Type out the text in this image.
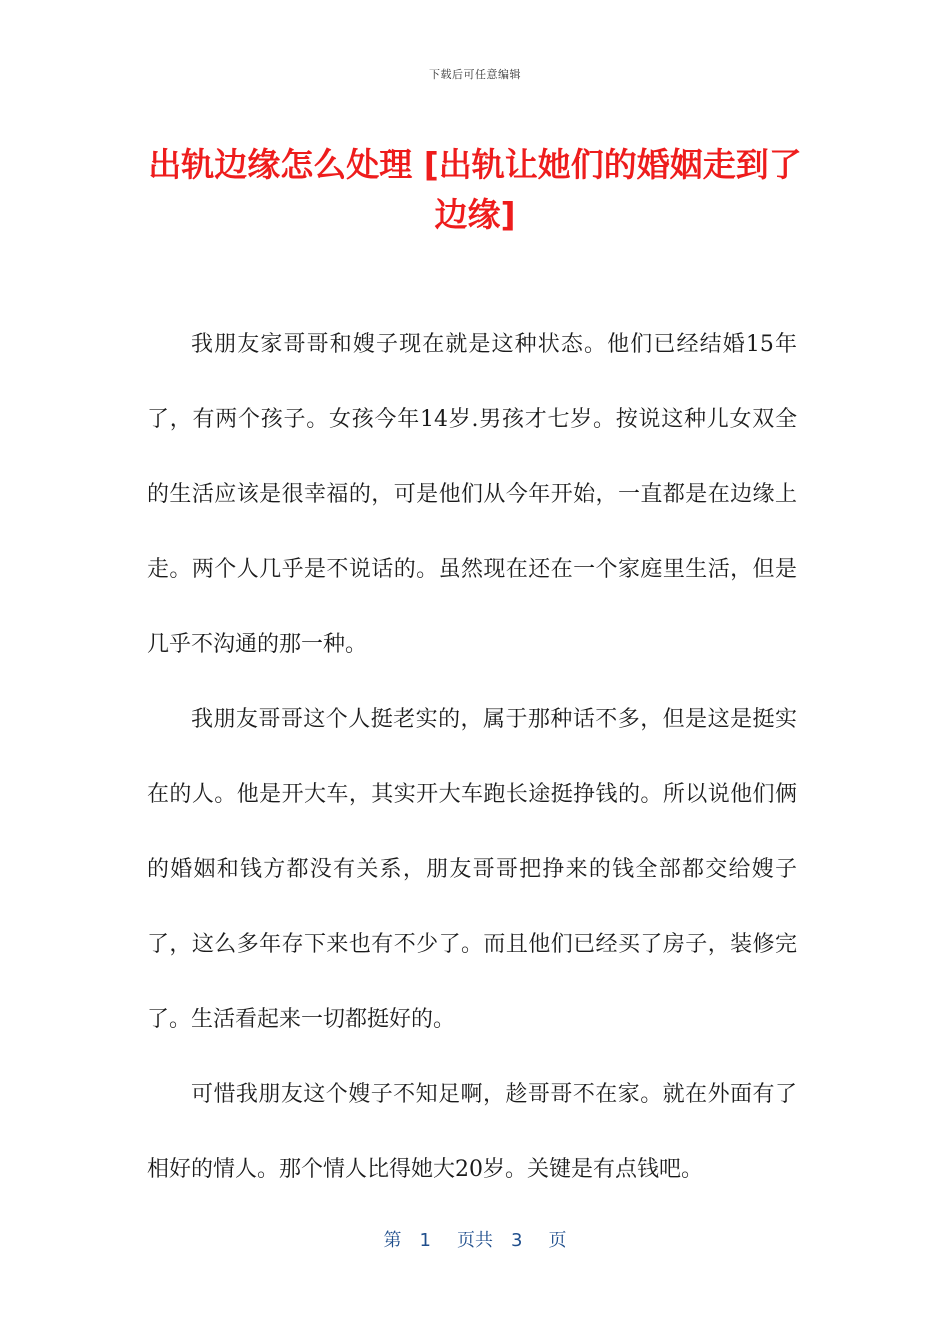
下载后可任意编辑
出轨边缘怎么处理 [出轨让她们的婚姻走到了边缘]

我朋友家哥哥和嫂子现在就是这种状态。他们已经结婚15年了，有两个孩子。女孩今年14岁.男孩才七岁。按说这种儿女双全的生活应该是很幸福的，可是他们从今年开始，一直都是在边缘上走。两个人几乎是不说话的。虽然现在还在一个家庭里生活，但是几乎不沟通的那一种。

我朋友哥哥这个人挺老实的，属于那种话不多，但是这是挺实在的人。他是开大车，其实开大车跑长途挺挣钱的。所以说他们俩的婚姻和钱方都没有关系，朋友哥哥把挣来的钱全部都交给嫂子了，这么多年存下来也有不少了。而且他们已经买了房子，装修完了。生活看起来一切都挺好的。

可惜我朋友这个嫂子不知足啊，趁哥哥不在家。就在外面有了相好的情人。那个情人比得她大20岁。关键是有点钱吧。

第 1 页共 3 页
